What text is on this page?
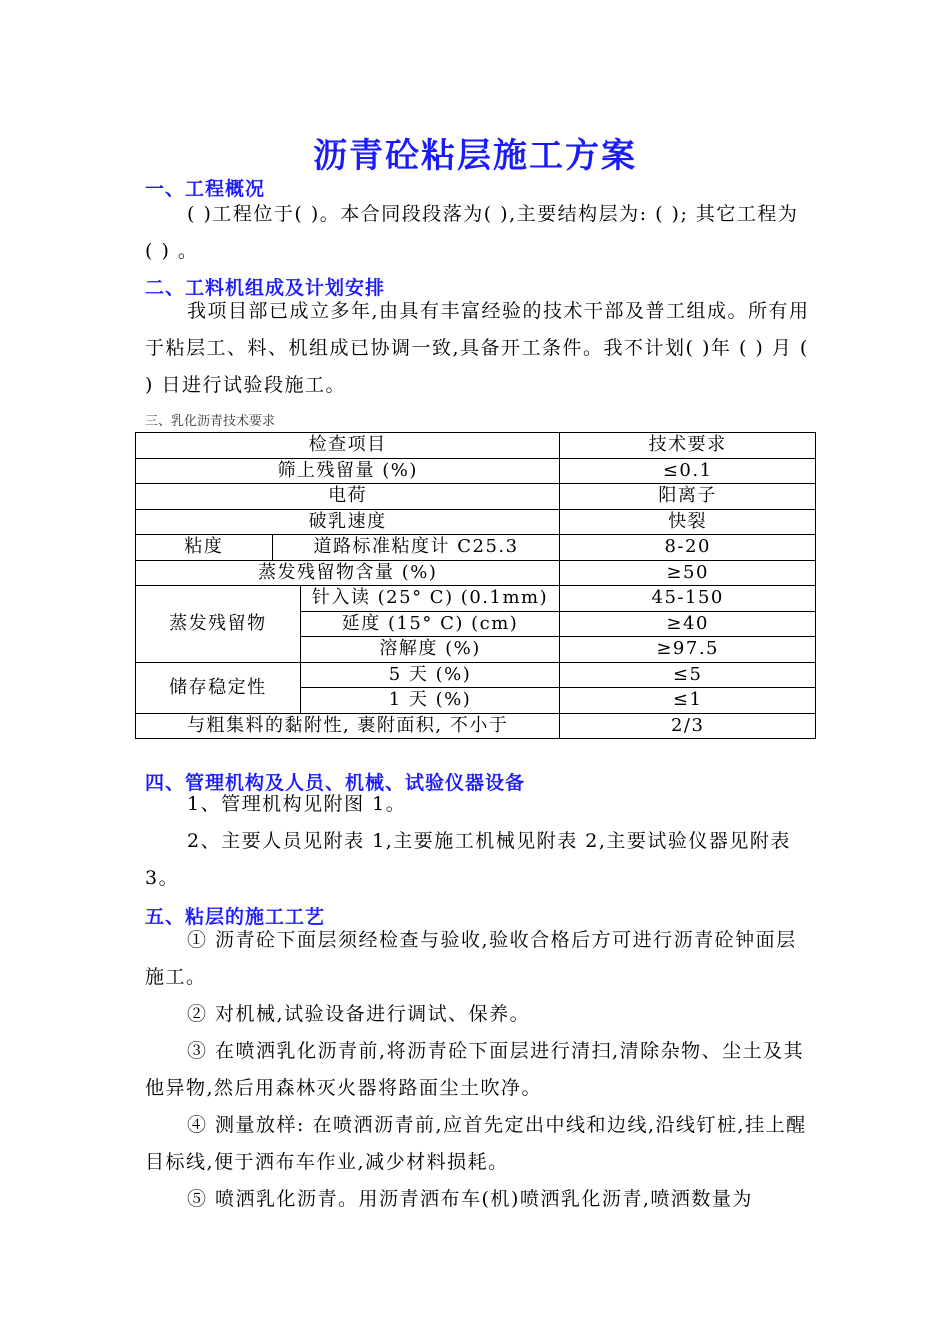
沥青砼粘层施工方案
一、工程概况
( )工程位于( )。本合同段段落为( ),主要结构层为: ( ); 其它工程为 ( ) 。
二、工料机组成及计划安排
我项目部已成立多年,由具有丰富经验的技术干部及普工组成。所有用于粘层工、料、机组成已协调一致,具备开工条件。我不计划( )年 ( ) 月 ( ) 日进行试验段施工。
三、乳化沥青技术要求
检查项目			技术要求
筛上残留量 (%)			≤0.1
电荷			阳离子
破乳速度			快裂
粘度	道路标准粘度计 C25.3		8-20
蒸发残留物含量 (%)			≥50
蒸发残留物		针入读 (25° C) (0.1mm)	45-150
		延度 (15° C) (cm)	≥40
		溶解度 (%)	≥97.5
储存稳定性		5 天 (%)	≤5
		1 天 (%)	≤1
与粗集料的黏附性, 裹附面积, 不小于			2/3
四、管理机构及人员、机械、试验仪器设备
1、管理机构见附图 1。
2、主要人员见附表 1,主要施工机械见附表 2,主要试验仪器见附表 3。
五、粘层的施工工艺
① 沥青砼下面层须经检查与验收,验收合格后方可进行沥青砼钟面层施工。
② 对机械,试验设备进行调试、保养。
③ 在喷洒乳化沥青前,将沥青砼下面层进行清扫,清除杂物、尘土及其他异物,然后用森林灭火器将路面尘土吹净。
④ 测量放样: 在喷洒沥青前,应首先定出中线和边线,沿线钉桩,挂上醒目标线,便于洒布车作业,减少材料损耗。
⑤ 喷洒乳化沥青。用沥青洒布车(机)喷洒乳化沥青,喷洒数量为
